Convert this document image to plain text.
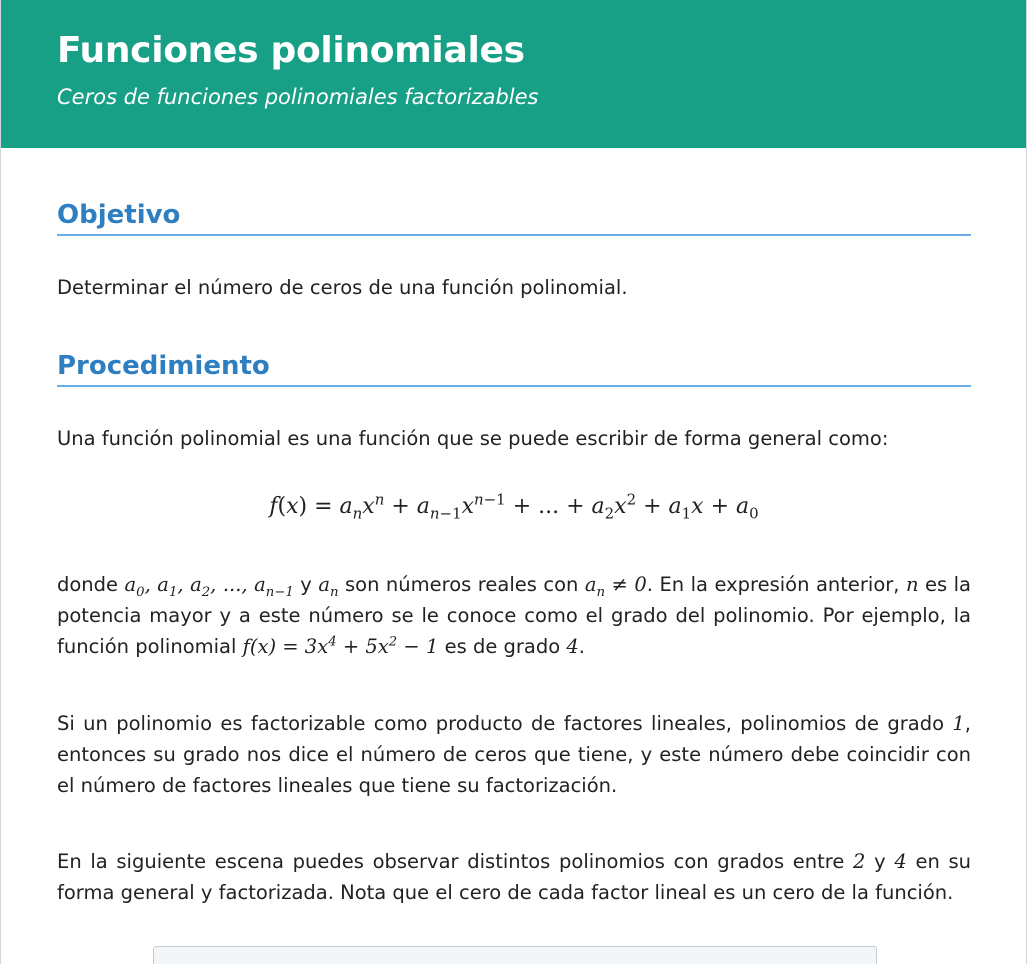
Funciones polinomiales
Ceros de funciones polinomiales factorizables
Objetivo

Determinar el número de ceros de una función polinomial.

Procedimiento

Una función polinomial es una función que se puede escribir de forma general como:

$f(x) = a_nx^n + a_{n-1}x^{n-1}$ + ... + $a_2x^2 + a_1x + a_0$

donde $a_0$, $a_1$, $a_2$, ..., $a_{n-1}$ y $a_n$ son números reales con $a_n \ne 0$. En la expresión anterior, n es la potencia mayor y a este número se le conoce como el grado del polinomio. Por ejemplo, la función polinomial $f(x) = 3x^4 + 5x^2 - 1$ es de grado 4.

Si un polinomio es factorizable como producto de factores lineales, polinomios de grado 1, entonces su grado nos dice el número de ceros que tiene, y este número debe coincidir con el número de factores lineales que tiene su factorización.

En la siguiente escena puedes observar distintos polinomios con grados entre 2 y 4 en su forma general y factorizada. Nota que el cero de cada factor lineal es un cero de la función.
